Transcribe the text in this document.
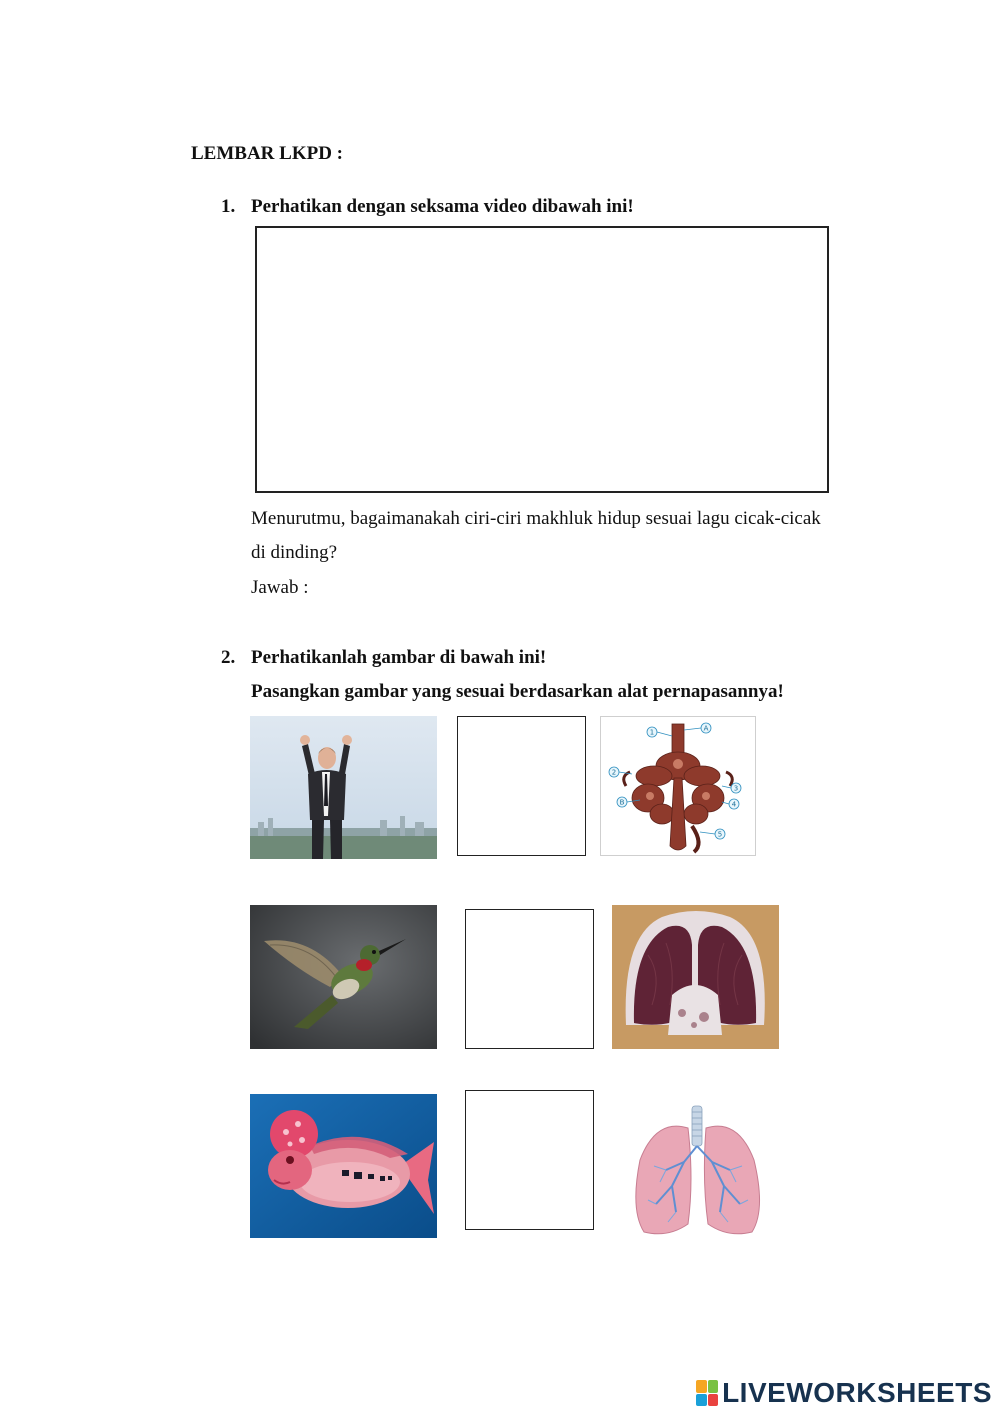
LEMBAR LKPD :
1. Perhatikan dengan seksama video dibawah ini!
Menurutmu, bagaimanakah ciri-ciri makhluk hidup sesuai lagu cicak-cicak
di dinding?
Jawab :
2. Perhatikanlah gambar di bawah ini!
Pasangkan gambar yang sesuai berdasarkan alat pernapasannya!
1	A
2
3
B	4
5
LIVEWORKSHEETS
